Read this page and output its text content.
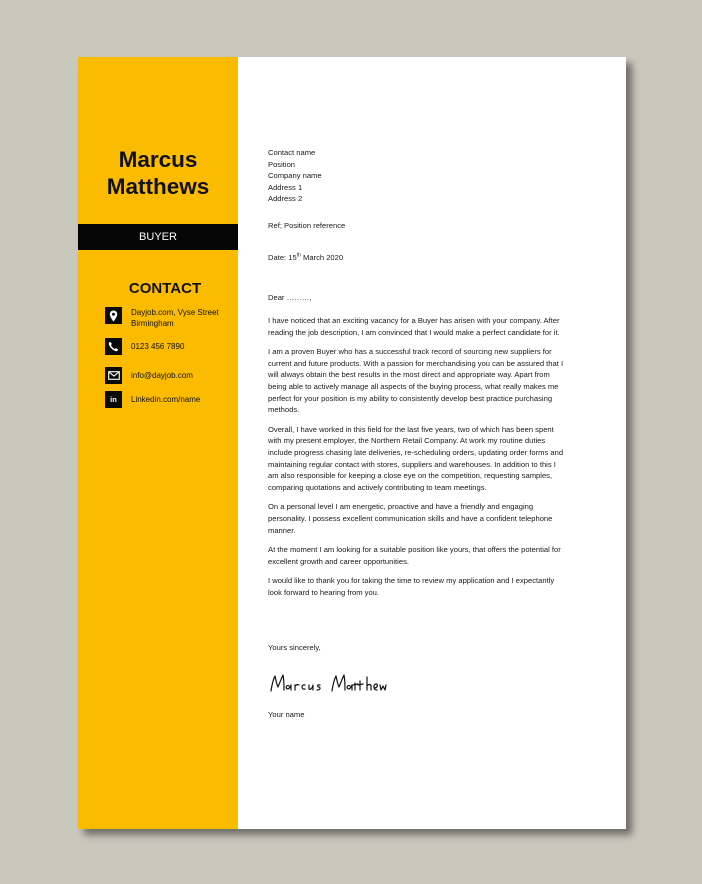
Marcus
Matthews
BUYER
CONTACT
Dayjob.com, Vyse Street
Birmingham
0123 456 7890
info@dayjob.com
in	Linkedin.com/name
Contact name
Position
Company name
Address 1
Address 2
Ref; Position reference
Date: 15th March 2020
Dear ………,

I have noticed that an exciting vacancy for a Buyer has arisen with your company. After reading the job description, I am convinced that I would make a perfect candidate for it.

I am a proven Buyer who has a successful track record of sourcing new suppliers for current and future products. With a passion for merchandising you can be assured that I will always obtain the best results in the most direct and appropriate way. Apart from being able to actively manage all aspects of the buying process, what really makes me perfect for your position is my ability to consistently develop best practice purchasing methods.

Overall, I have worked in this field for the last five years, two of which has been spent with my present employer, the Northern Retail Company. At work my routine duties include progress chasing late deliveries, re-scheduling orders, updating order forms and maintaining regular contact with stores, suppliers and warehouses. In addition to this I am also responsible for keeping a close eye on the competition, requesting samples, comparing quotations and actively contributing to team meetings.

On a personal level I am energetic, proactive and have a friendly and engaging personality. I possess excellent communication skills and have a confident telephone manner.

At the moment I am looking for a suitable position like yours, that offers the potential for excellent growth and career opportunities.

I would like to thank you for taking the time to review my application and I expectantly look forward to hearing from you.

Yours sincerely,
Your name
